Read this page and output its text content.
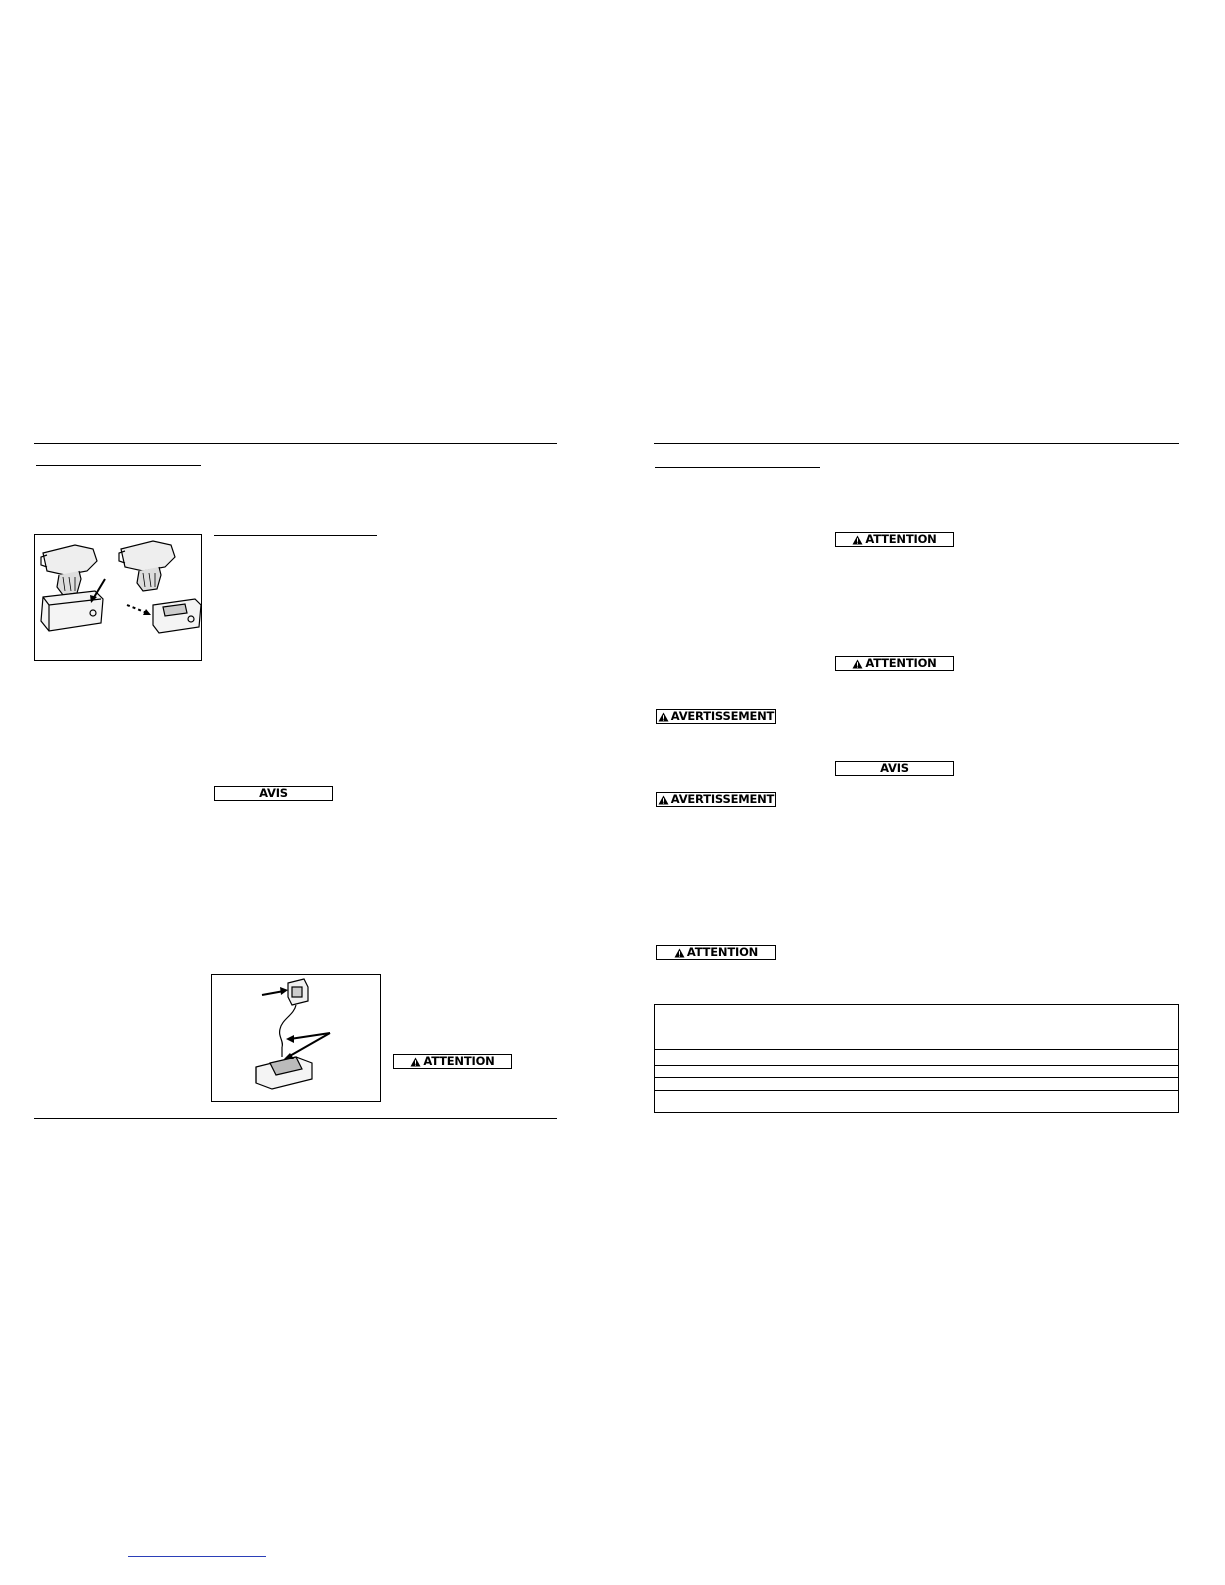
AVIS
ATTENTION
ATTENTION
ATTENTION
AVERTISSEMENT
AVIS
AVERTISSEMENT
ATTENTION
